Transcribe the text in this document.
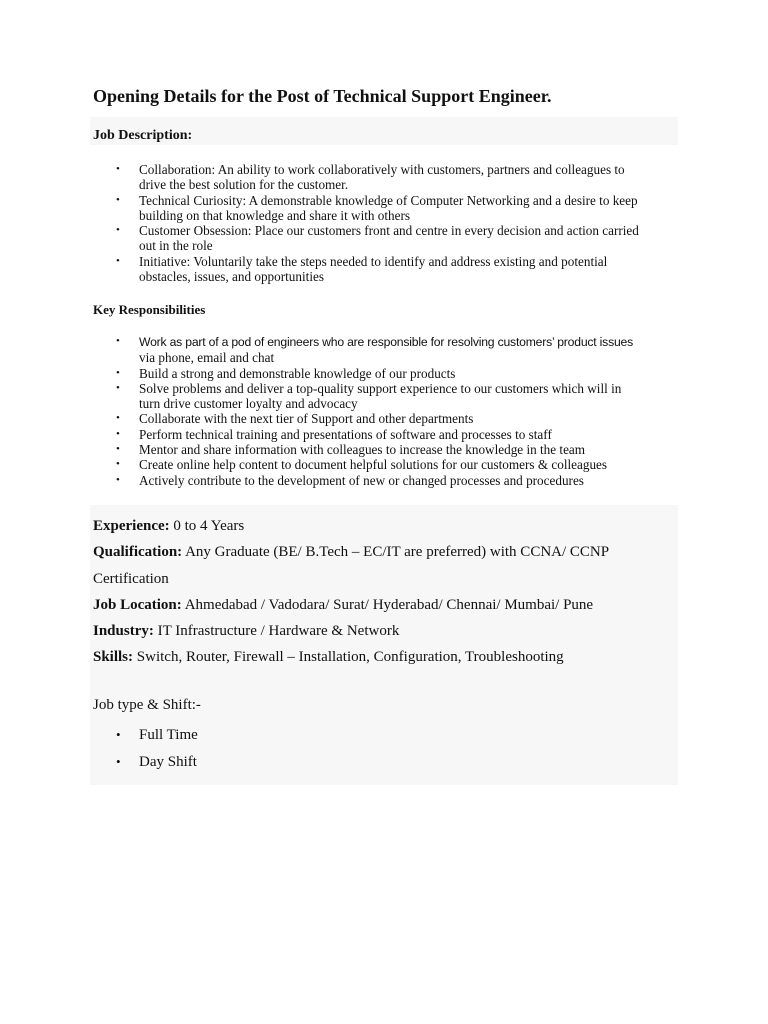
Opening Details for the Post of Technical Support Engineer.
Job Description:
• Collaboration: An ability to work collaboratively with customers, partners and colleagues to
drive the best solution for the customer.
• Technical Curiosity: A demonstrable knowledge of Computer Networking and a desire to keep
building on that knowledge and share it with others
• Customer Obsession: Place our customers front and centre in every decision and action carried
out in the role
• Initiative: Voluntarily take the steps needed to identify and address existing and potential
obstacles, issues, and opportunities
Key Responsibilities
• Work as part of a pod of engineers who are responsible for resolving customers’ product issues
via phone, email and chat
• Build a strong and demonstrable knowledge of our products
• Solve problems and deliver a top-quality support experience to our customers which will in
turn drive customer loyalty and advocacy
• Collaborate with the next tier of Support and other departments
• Perform technical training and presentations of software and processes to staff
• Mentor and share information with colleagues to increase the knowledge in the team
• Create online help content to document helpful solutions for our customers & colleagues
• Actively contribute to the development of new or changed processes and procedures

Experience: 0 to 4 Years

Qualification: Any Graduate (BE/ B.Tech – EC/IT are preferred) with CCNA/ CCNP
Certification

Job Location: Ahmedabad / Vadodara/ Surat/ Hyderabad/ Chennai/ Mumbai/ Pune

Industry: IT Infrastructure / Hardware & Network

Skills: Switch, Router, Firewall – Installation, Configuration, Troubleshooting

Job type & Shift:-

• Full Time
• Day Shift
